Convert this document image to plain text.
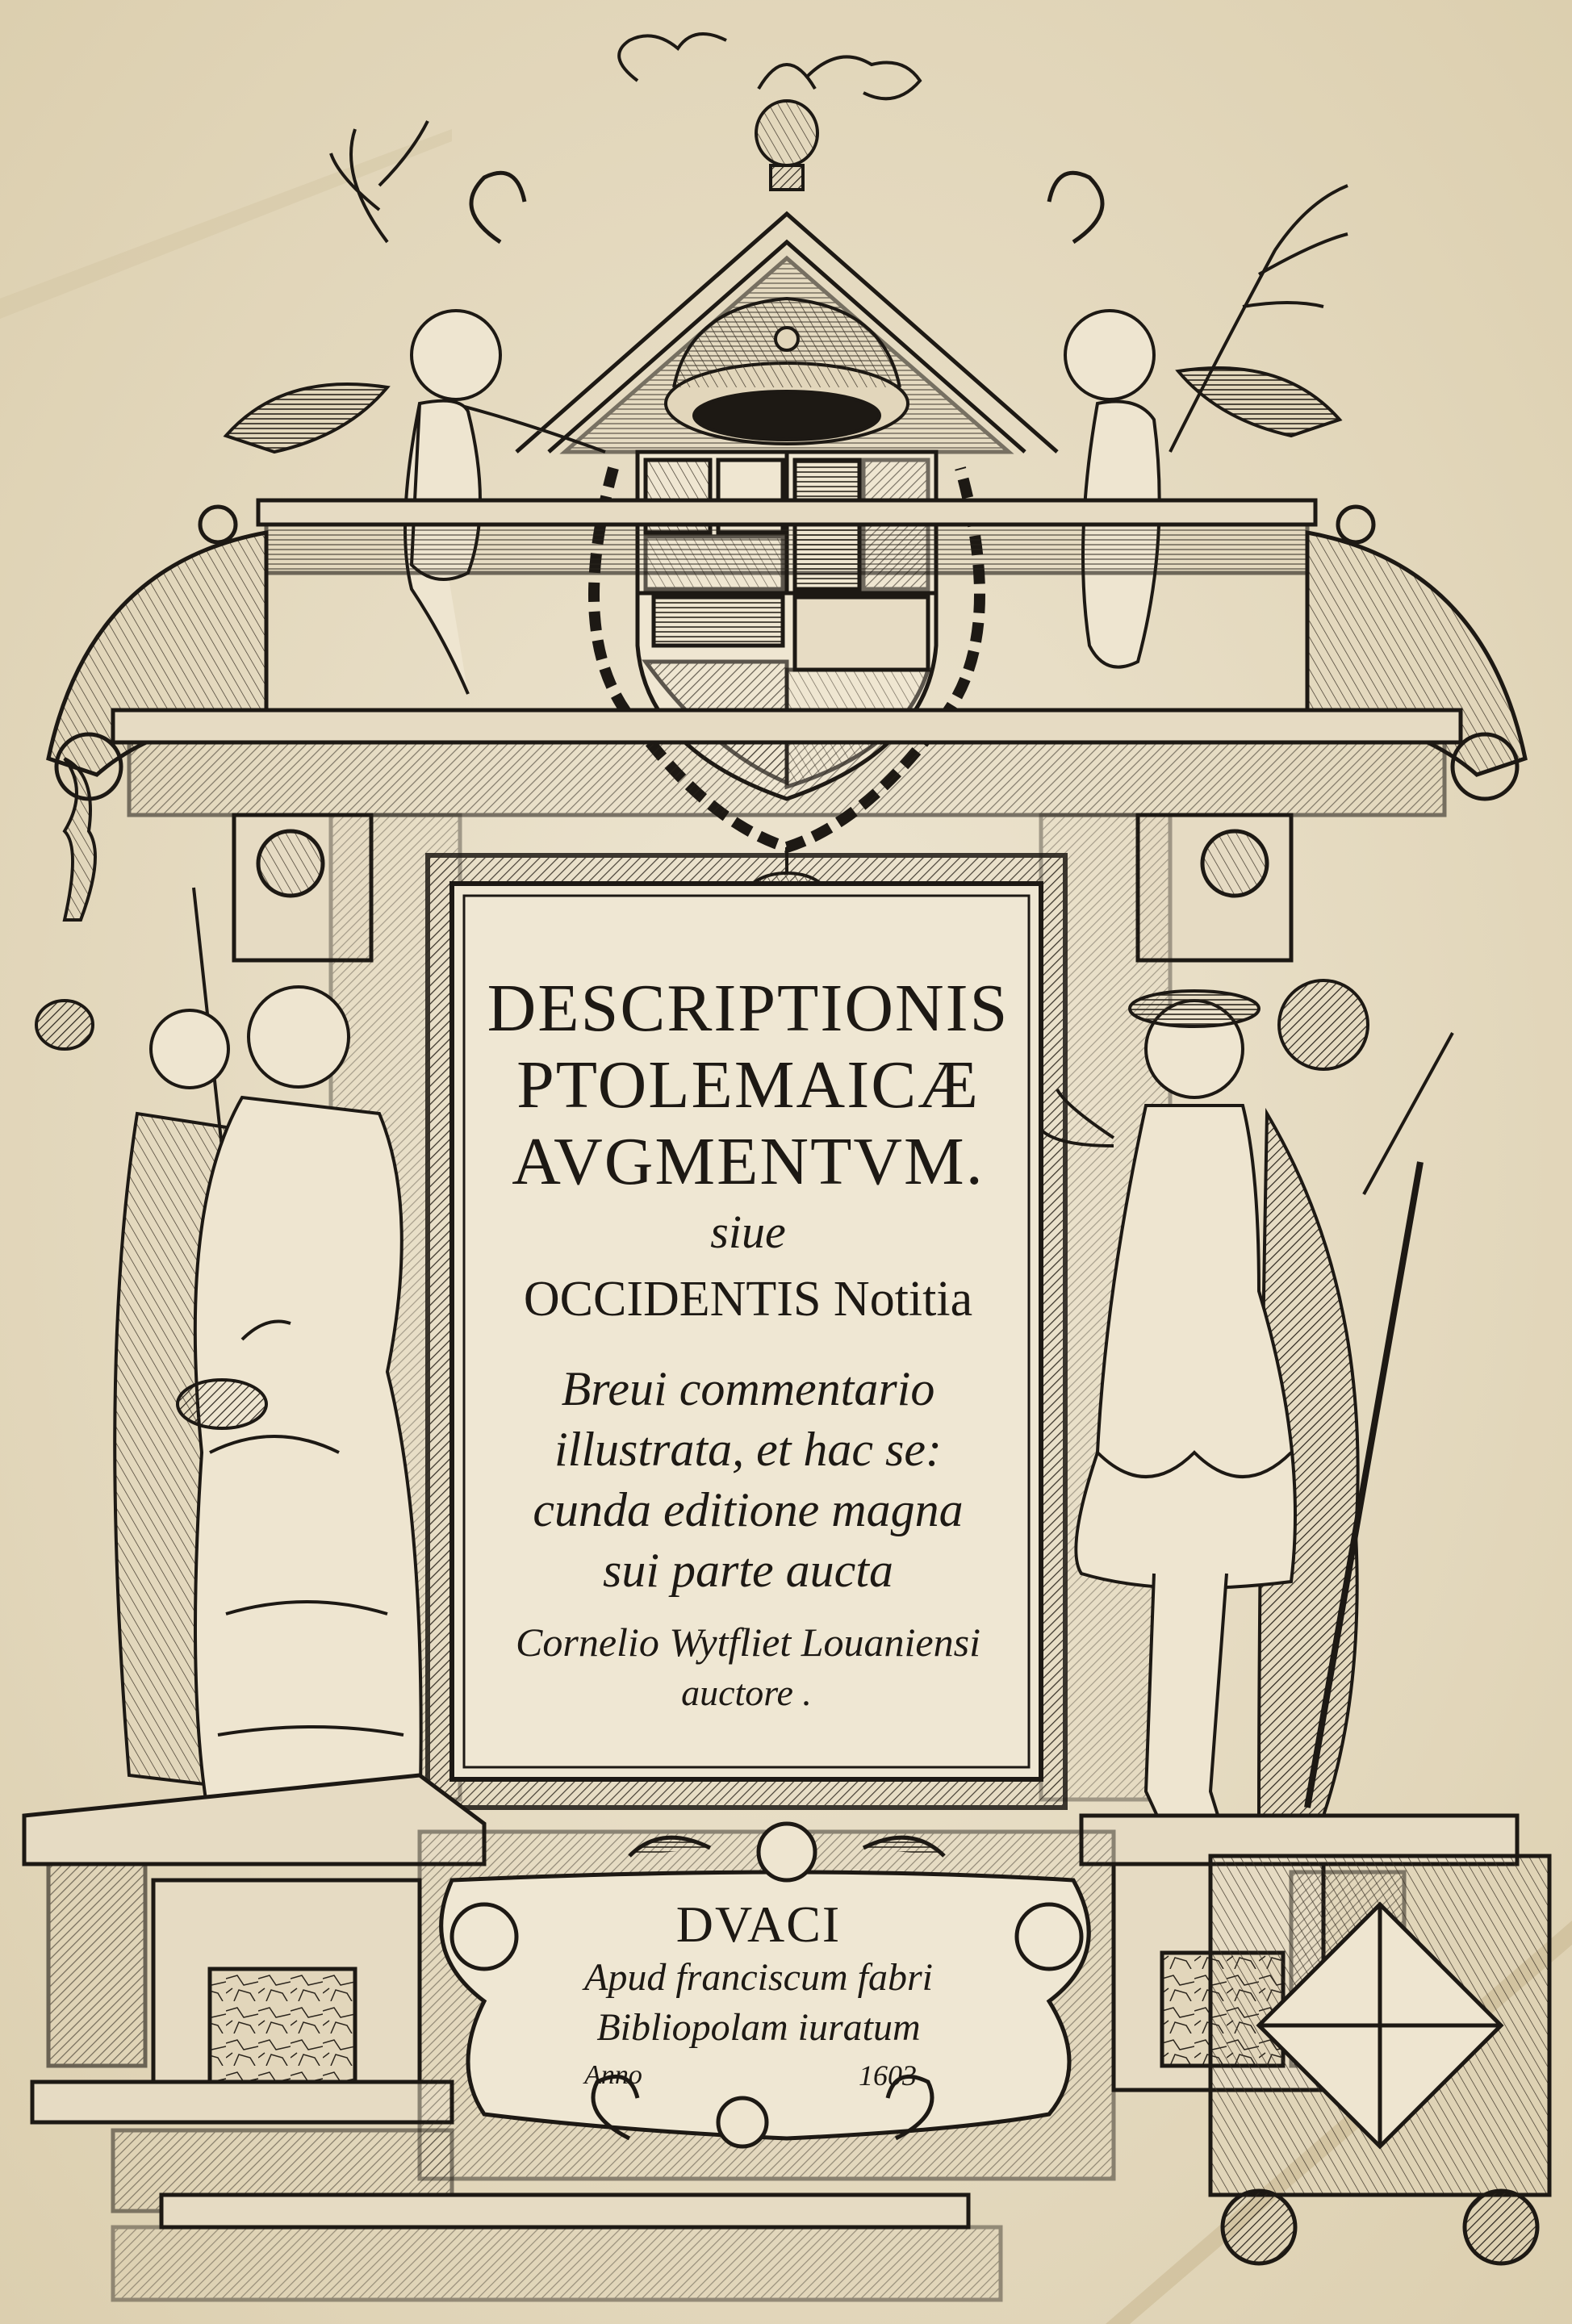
DESCRIPTIONIS
PTOLEMAICÆ
AVGMENTVM.
siue
OCCIDENTIS Notitia
Breui commentario
illustrata, et hac se:
cunda editione magna
sui parte aucta
Cornelio Wytfliet Louaniensi
auctore .
DVACI
Apud franciscum fabri
Bibliopolam iuratum
Anno	1603
